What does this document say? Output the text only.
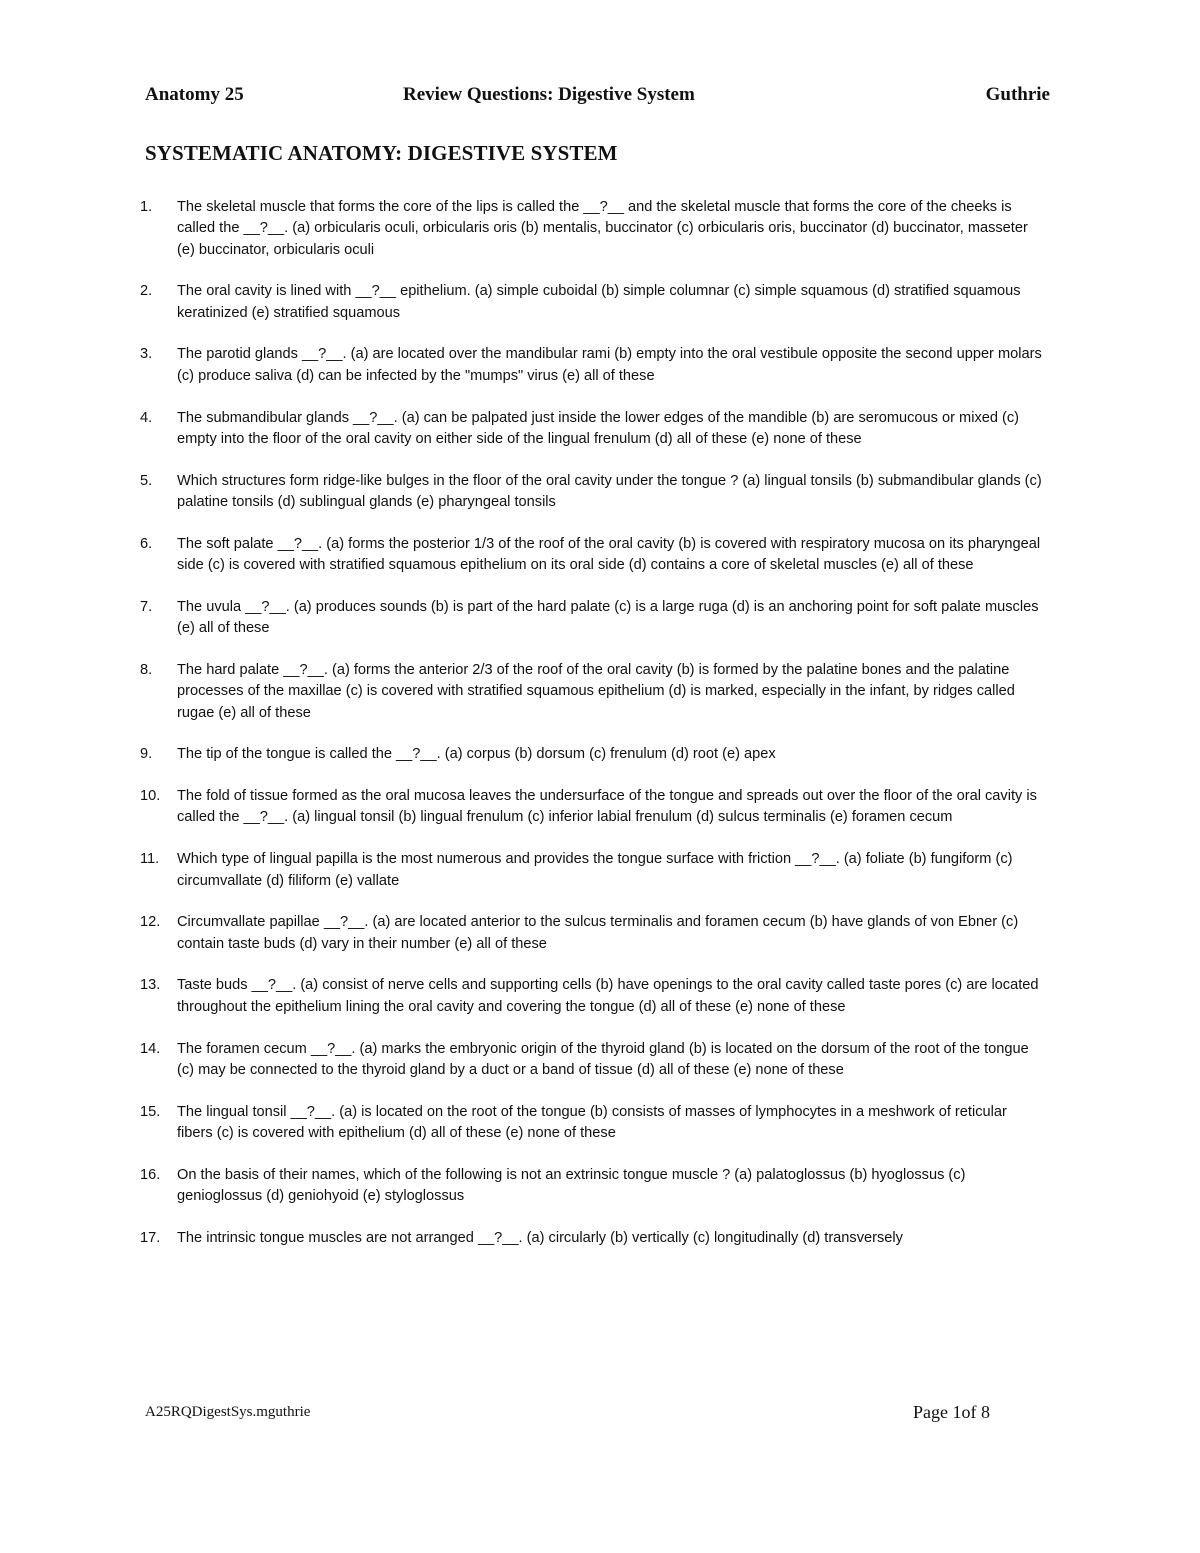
Anatomy 25	Review Questions: Digestive System	Guthrie
SYSTEMATIC ANATOMY: DIGESTIVE SYSTEM
1. The skeletal muscle that forms the core of the lips is called the __?__ and the skeletal muscle that forms the core of the cheeks is called the __?__. (a) orbicularis oculi, orbicularis oris (b) mentalis, buccinator (c) orbicularis oris, buccinator (d) buccinator, masseter (e) buccinator, orbicularis oculi
2. The oral cavity is lined with __?__ epithelium. (a) simple cuboidal (b) simple columnar (c) simple squamous (d) stratified squamous keratinized (e) stratified squamous
3. The parotid glands __?__. (a) are located over the mandibular rami (b) empty into the oral vestibule opposite the second upper molars (c) produce saliva (d) can be infected by the "mumps" virus (e) all of these
4. The submandibular glands __?__. (a) can be palpated just inside the lower edges of the mandible (b) are seromucous or mixed (c) empty into the floor of the oral cavity on either side of the lingual frenulum (d) all of these (e) none of these
5. Which structures form ridge-like bulges in the floor of the oral cavity under the tongue ? (a) lingual tonsils (b) submandibular glands (c) palatine tonsils (d) sublingual glands (e) pharyngeal tonsils
6. The soft palate __?__. (a) forms the posterior 1/3 of the roof of the oral cavity (b) is covered with respiratory mucosa on its pharyngeal side (c) is covered with stratified squamous epithelium on its oral side (d) contains a core of skeletal muscles (e) all of these
7. The uvula __?__. (a) produces sounds (b) is part of the hard palate (c) is a large ruga (d) is an anchoring point for soft palate muscles (e) all of these
8. The hard palate __?__. (a) forms the anterior 2/3 of the roof of the oral cavity (b) is formed by the palatine bones and the palatine processes of the maxillae (c) is covered with stratified squamous epithelium (d) is marked, especially in the infant, by ridges called rugae (e) all of these
9. The tip of the tongue is called the __?__. (a) corpus (b) dorsum (c) frenulum (d) root (e) apex
10. The fold of tissue formed as the oral mucosa leaves the undersurface of the tongue and spreads out over the floor of the oral cavity is called the __?__. (a) lingual tonsil (b) lingual frenulum (c) inferior labial frenulum (d) sulcus terminalis (e) foramen cecum
11. Which type of lingual papilla is the most numerous and provides the tongue surface with friction __?__. (a) foliate (b) fungiform (c) circumvallate (d) filiform (e) vallate
12. Circumvallate papillae __?__. (a) are located anterior to the sulcus terminalis and foramen cecum (b) have glands of von Ebner (c) contain taste buds (d) vary in their number (e) all of these
13. Taste buds __?__. (a) consist of nerve cells and supporting cells (b) have openings to the oral cavity called taste pores (c) are located throughout the epithelium lining the oral cavity and covering the tongue (d) all of these (e) none of these
14. The foramen cecum __?__. (a) marks the embryonic origin of the thyroid gland (b) is located on the dorsum of the root of the tongue (c) may be connected to the thyroid gland by a duct or a band of tissue (d) all of these (e) none of these
15. The lingual tonsil __?__. (a) is located on the root of the tongue (b) consists of masses of lymphocytes in a meshwork of reticular fibers (c) is covered with epithelium (d) all of these (e) none of these
16. On the basis of their names, which of the following is not an extrinsic tongue muscle ? (a) palatoglossus (b) hyoglossus (c) genioglossus (d) geniohyoid (e) styloglossus
17. The intrinsic tongue muscles are not arranged __?__. (a) circularly (b) vertically (c) longitudinally (d) transversely
A25RQDigestSys.mguthrie	Page 1of 8
